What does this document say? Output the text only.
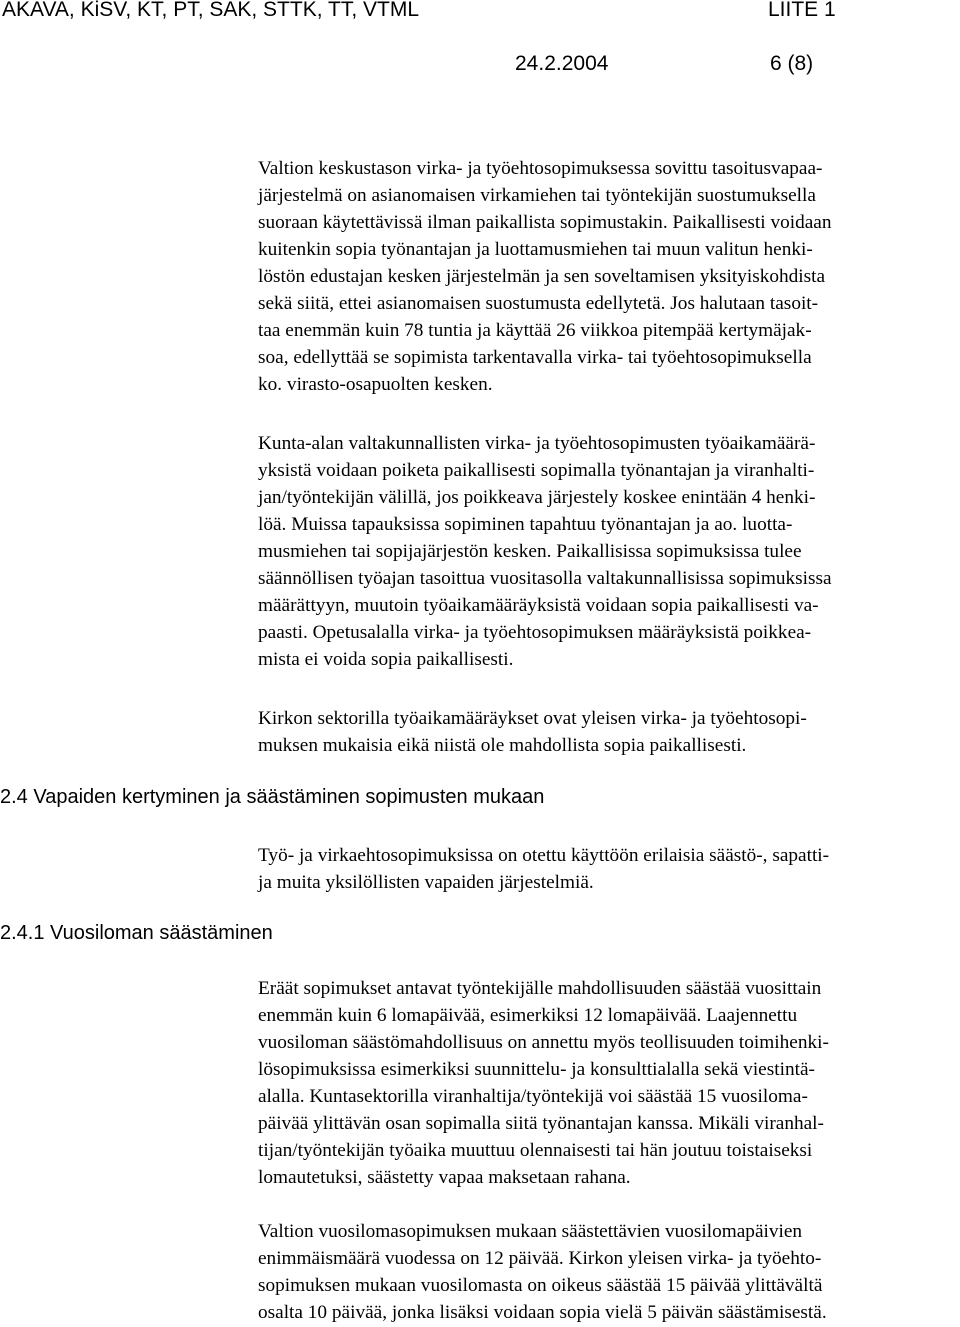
AKAVA, KiSV, KT, PT, SAK, STTK, TT, VTML	LIITE 1
24.2.2004	6 (8)
Valtion keskustason virka- ja työehtosopimuksessa sovittu tasoitusvapaa-
järjestelmä on asianomaisen virkamiehen tai työntekijän suostumuksella
suoraan käytettävissä ilman paikallista sopimustakin. Paikallisesti voidaan
kuitenkin sopia työnantajan ja luottamusmiehen tai muun valitun henki-
löstön edustajan kesken järjestelmän ja sen soveltamisen yksityiskohdista
sekä siitä, ettei asianomaisen suostumusta edellytetä. Jos halutaan tasoit-
taa enemmän kuin 78 tuntia ja käyttää 26 viikkoa pitempää kertymäjak-
soa, edellyttää se sopimista tarkentavalla virka- tai työehtosopimuksella
ko. virasto-osapuolten kesken.
Kunta-alan valtakunnallisten virka- ja työehtosopimusten työaikamäärä-
yksistä voidaan poiketa paikallisesti sopimalla työnantajan ja viranhalti-
jan/työntekijän välillä, jos poikkeava järjestely koskee enintään 4 henki-
löä. Muissa tapauksissa sopiminen tapahtuu työnantajan ja ao. luotta-
musmiehen tai sopijajärjestön kesken. Paikallisissa sopimuksissa tulee
säännöllisen työajan tasoittua vuositasolla valtakunnallisissa sopimuksissa
määrättyyn, muutoin työaikamääräyksistä voidaan sopia paikallisesti va-
paasti. Opetusalalla virka- ja työehtosopimuksen määräyksistä poikkea-
mista ei voida sopia paikallisesti.
Kirkon sektorilla työaikamääräykset ovat yleisen virka- ja työehtosopi-
muksen mukaisia eikä niistä ole mahdollista sopia paikallisesti.
2.4 Vapaiden kertyminen ja säästäminen sopimusten mukaan
Työ- ja virkaehtosopimuksissa on otettu käyttöön erilaisia säästö-, sapatti-
ja muita yksilöllisten vapaiden järjestelmiä.
2.4.1 Vuosiloman säästäminen
Eräät sopimukset antavat työntekijälle mahdollisuuden säästää vuosittain
enemmän kuin 6 lomapäivää, esimerkiksi 12 lomapäivää. Laajennettu
vuosiloman säästömahdollisuus on annettu myös teollisuuden toimihenki-
lösopimuksissa esimerkiksi suunnittelu- ja konsulttialalla sekä viestintä-
alalla. Kuntasektorilla viranhaltija/työntekijä voi säästää 15 vuosiloma-
päivää ylittävän osan sopimalla siitä työnantajan kanssa. Mikäli viranhal-
tijan/työntekijän työaika muuttuu olennaisesti tai hän joutuu toistaiseksi
lomautetuksi, säästetty vapaa maksetaan rahana.
Valtion vuosilomasopimuksen mukaan säästettävien vuosilomapäivien
enimmäismäärä vuodessa on 12 päivää. Kirkon yleisen virka- ja työehto-
sopimuksen mukaan vuosilomasta on oikeus säästää 15 päivää ylittävältä
osalta 10 päivää, jonka lisäksi voidaan sopia vielä 5 päivän säästämisestä.
